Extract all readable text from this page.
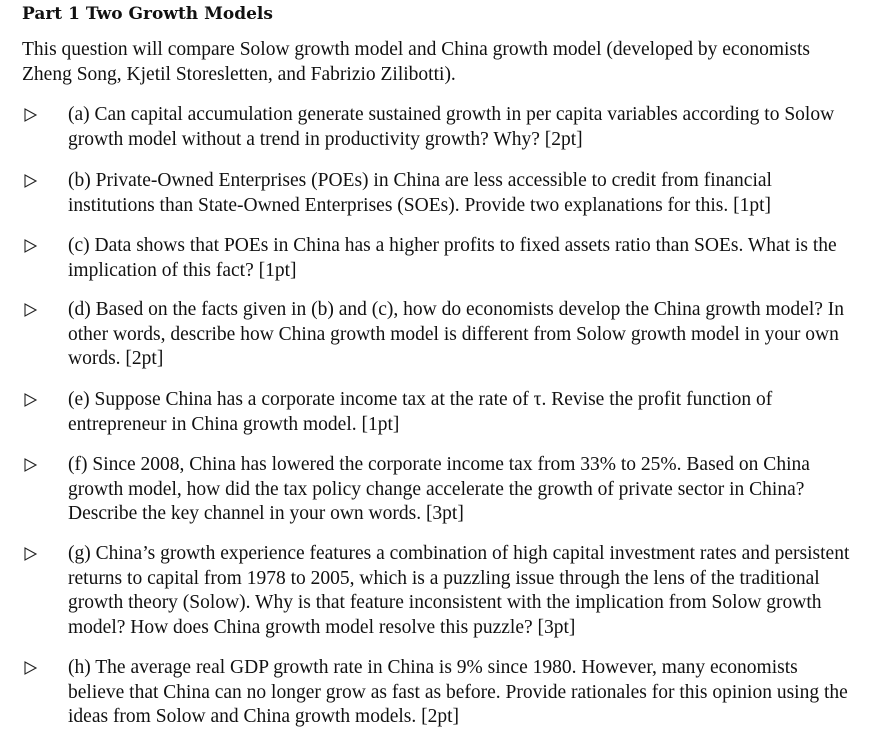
Part 1 Two Growth Models

This question will compare Solow growth model and China growth model (developed by economists Zheng Song, Kjetil Storesletten, and Fabrizio Zilibotti).

(a) Can capital accumulation generate sustained growth in per capita variables according to Solow growth model without a trend in productivity growth? Why? [2pt]

(b) Private-Owned Enterprises (POEs) in China are less accessible to credit from financial institutions than State-Owned Enterprises (SOEs). Provide two explanations for this. [1pt]

(c) Data shows that POEs in China has a higher profits to fixed assets ratio than SOEs. What is the implication of this fact? [1pt]

(d) Based on the facts given in (b) and (c), how do economists develop the China growth model? In other words, describe how China growth model is different from Solow growth model in your own words. [2pt]

(e) Suppose China has a corporate income tax at the rate of τ. Revise the profit function of entrepreneur in China growth model. [1pt]

(f) Since 2008, China has lowered the corporate income tax from 33% to 25%. Based on China growth model, how did the tax policy change accelerate the growth of private sector in China? Describe the key channel in your own words. [3pt]

(g) China’s growth experience features a combination of high capital investment rates and persistent returns to capital from 1978 to 2005, which is a puzzling issue through the lens of the traditional growth theory (Solow). Why is that feature inconsistent with the implication from Solow growth model? How does China growth model resolve this puzzle? [3pt]

(h) The average real GDP growth rate in China is 9% since 1980. However, many economists believe that China can no longer grow as fast as before. Provide rationales for this opinion using the ideas from Solow and China growth models. [2pt]
